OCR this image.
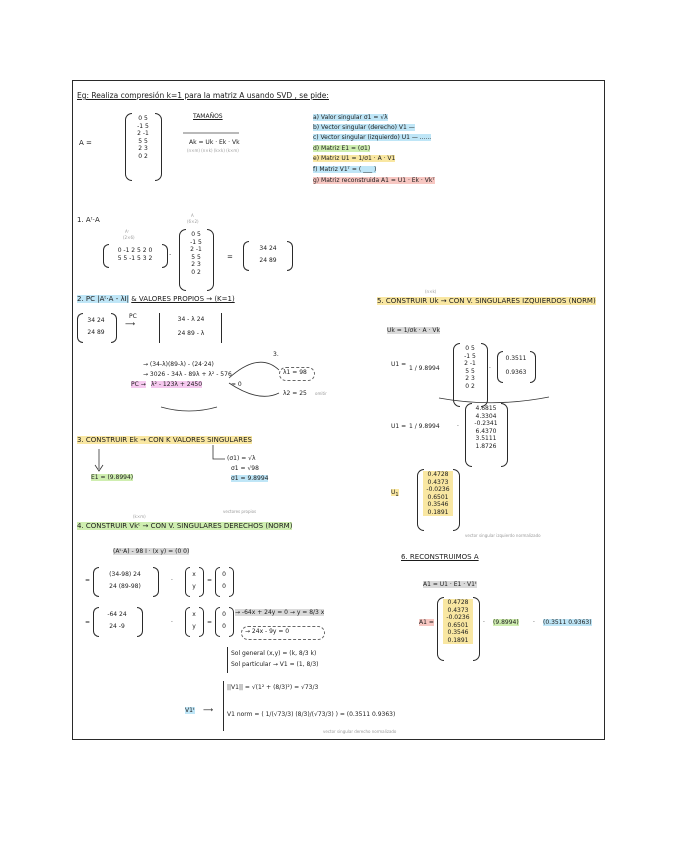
Eg: Realiza compresión k=1 para la matriz A usando SVD , se pide:
A =
0 5
-1 5
2 -1
5 5
2 3
0 2
TAMAÑOS
Ak = Uk · Ek · Vk
(n×m) (n×k) (k×k) (k×m)
a) Valor singular σ1 = √λ
b) Vector singular (derecho) V1 —
c) Vector singular (izquierdo) U1 — ......
d) Matriz E1 = (σ1)
e) Matriz U1 = 1/σ1 · A · V1
f) Matriz V1ᵀ = ( ___ )
g) Matriz reconstruida A1 = U1 · Ek · Vkᵀ
1. Aᵗ·A
Aᵗ
(2×6)
0 -1 2 5 2 0
5 5 -1 5 3 2 ·
A
(6×2)
0 5
-1 5
2 -1
5 5
2 3
0 2
=
34 24
24 89
2. PC |Aᵗ·A - λI| & VALORES PROPIOS → (K=1)
34 24
24 89
PC
⟶
34 - λ 24
24 89 - λ
→ (34-λ)(89-λ) - (24·24)
→ 3026 - 34λ - 89λ + λ² - 576
PC → λ² - 123λ + 2450	= 0
3.
λ1 = 98
λ2 = 25 omitir
3. CONSTRUIR Ek → CON K VALORES SINGULARES
E1 = (9.8994)
(σ1) = √λ
σ1 = √98
σ1 = 9.8994
(k×m)
vectores propios
4. CONSTRUIR Vkᵗ → CON V. SINGULARES DERECHOS (NORM)
(Aᵗ·A) - 98 I · (x y) = (0 0)
=
(34-98) 24
24 (89-98)
·
x
y
=
0
0
=
-64 24
24 -9	·
x
y =
0
0
→ -64x + 24y = 0 → y = 8/3 x
→ 24x - 9y = 0
Sol general (x,y) = (k, 8/3 k)
Sol particular → V1 = (1, 8/3)
V1ᵗ ⟶
||V1|| = √(1² + (8/3)²) = √73/3
V1 norm = ( 1/(√73/3) (8/3)/(√73/3) ) = (0.3511 0.9363)
vector singular derecho normalizado
(n×k)
5. CONSTRUIR Uk → CON V. SINGULARES IZQUIERDOS (NORM)
Uk = 1/σk · A · Vk
U1 =
1 / 9.8994
0 5
-1 5
2 -1
5 5
2 3
0 2
·
0.3511
0.9363
U1 = 1 / 9.8994	·
4.6815
4.3304
-0.2341
6.4370
3.5111
1.8726
$U_1$
0.4728
0.4373
-0.0236
0.6501
0.3546
0.1891
vector singular izquierdo normalizado
6. RECONSTRUIMOS A
A1 = U1 · E1 · V1ᵗ
A1 =
0.4728
0.4373
-0.0236
0.6501
0.3546
0.1891
· (9.8994) · (0.3511 0.9363)
